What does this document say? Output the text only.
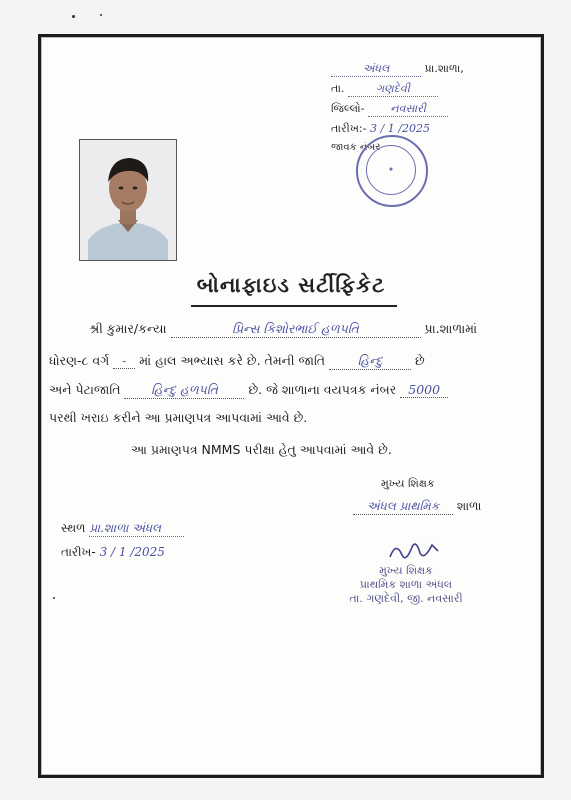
અંધલ	પ્રા.શાળા,
તા.	ગણદેવી
જિલ્લો- નવસારી
તારીખ:- 3 / 1 /2025
જાવક નંબર
✦
બોનાફાઇડ સર્ટીફિકેટ
શ્રી કુમાર/કન્યા	પ્રિન્સ કિશોરભાઈ હળપતિ	પ્રા.શાળામાં
ધોરણ-૮ વર્ગ - માં હાલ અભ્યાસ કરે છે. તેમની જાતિ	હિન્દુ	છે
અને પેટાજાતિ હિન્દુ હળપતિ છે. જે શાળાના વયપત્રક નંબર 5000
પરથી ખરાઇ કરીને આ પ્રમાણપત્ર આપવામાં આવે છે.
આ પ્રમાણપત્ર NMMS પરીક્ષા હેતુ આપવામાં આવે છે.
મુખ્ય શિક્ષક
અંધલ પ્રાથમિક શાળા
સ્થળ પ્રા.શાળા અંધલ
તારીખ- 3 / 1 /2025
મુખ્ય શિક્ષક
પ્રાથમિક શાળા અંધલ
તા. ગણદેવી, જી. નવસારી
